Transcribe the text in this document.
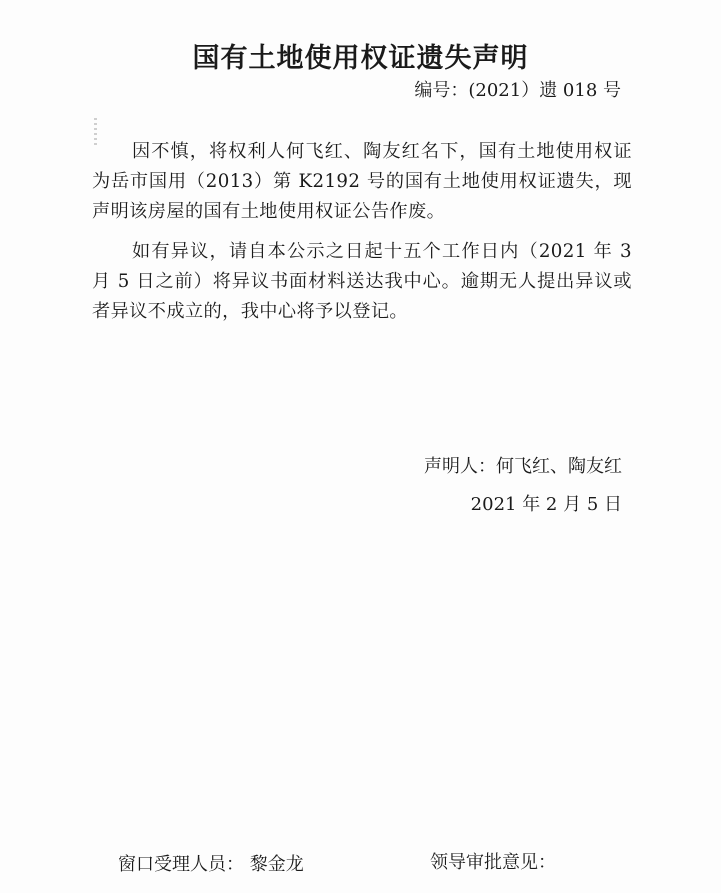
国有土地使用权证遗失声明
编号：(2021）遗 018 号

因不慎，将权利人何飞红、陶友红名下，国有土地使用权证为岳市国用（2013）第 K2192 号的国有土地使用权证遗失，现声明该房屋的国有土地使用权证公告作废。

如有异议，请自本公示之日起十五个工作日内（2021 年 3 月 5 日之前）将异议书面材料送达我中心。逾期无人提出异议或者异议不成立的，我中心将予以登记。

声明人：何飞红、陶友红
2021 年 2 月 5 日
窗口受理人员： 黎金龙	领导审批意见：
